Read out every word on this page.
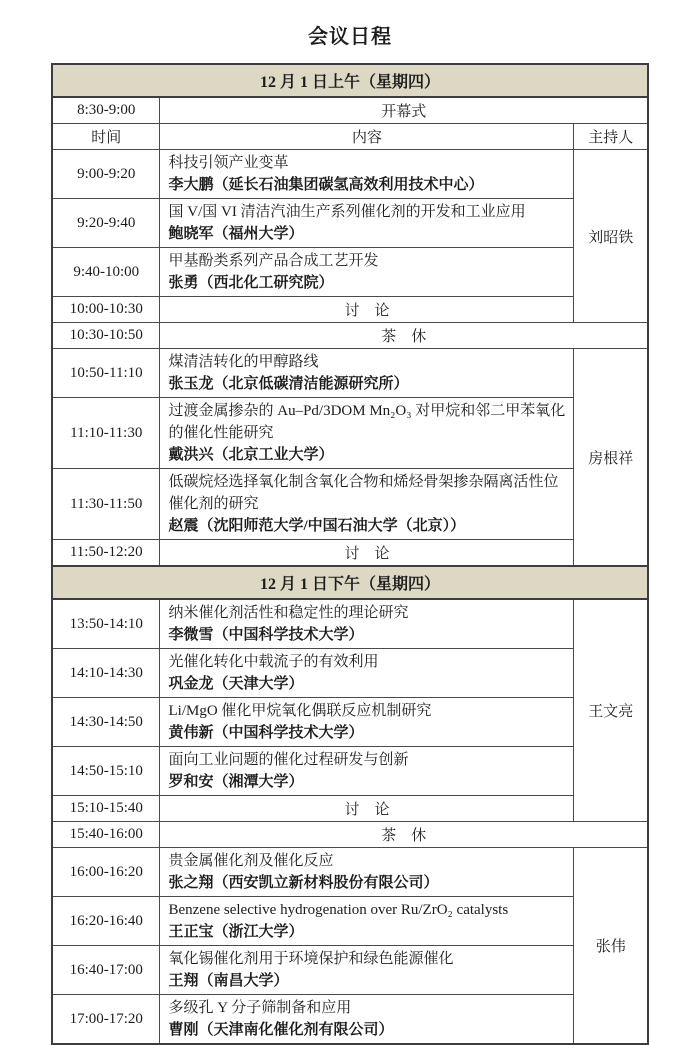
会议日程
12 月 1 日上午（星期四）		
8:30-9:00	开幕式	
时间	内容	主持人
9:00-9:20	科技引领产业变革
李大鹏（延长石油集团碳氢高效利用技术中心）	刘昭铁
9:20-9:40	国 V/国 VI 清洁汽油生产系列催化剂的开发和工业应用
鲍晓军（福州大学）	

9:40-10:00	甲基酚类系列产品合成工艺开发
张勇（西北化工研究院）	

10:00-10:30	讨　论	
10:30-10:50	茶　休	
10:50-11:10	煤清洁转化的甲醇路线
张玉龙（北京低碳清洁能源研究所）	房根祥
11:10-11:30	过渡金属掺杂的 Au–Pd/3DOM Mn₂O₃ 对甲烷和邻二甲苯氧化的催化性能研究
戴洪兴（北京工业大学）	

11:30-11:50	低碳烷烃选择氧化制含氧化合物和烯烃骨架掺杂隔离活性位催化剂的研究
赵震（沈阳师范大学/中国石油大学（北京））	

11:50-12:20	讨　论	
12 月 1 日下午（星期四）		
13:50-14:10	纳米催化剂活性和稳定性的理论研究
李微雪（中国科学技术大学）	王文亮
14:10-14:30	光催化转化中载流子的有效利用
巩金龙（天津大学）	

14:30-14:50	Li/MgO 催化甲烷氧化偶联反应机制研究
黄伟新（中国科学技术大学）	

14:50-15:10	面向工业问题的催化过程研发与创新
罗和安（湘潭大学）	

15:10-15:40	讨　论	
15:40-16:00	茶　休	
16:00-16:20	贵金属催化剂及催化反应
张之翔（西安凯立新材料股份有限公司）	张伟
16:20-16:40	Benzene selective hydrogenation over Ru/ZrO₂ catalysts
王正宝（浙江大学）	

16:40-17:00	氧化锡催化剂用于环境保护和绿色能源催化
王翔（南昌大学）	

17:00-17:20	多级孔 Y 分子筛制备和应用
曹刚（天津南化催化剂有限公司）	
